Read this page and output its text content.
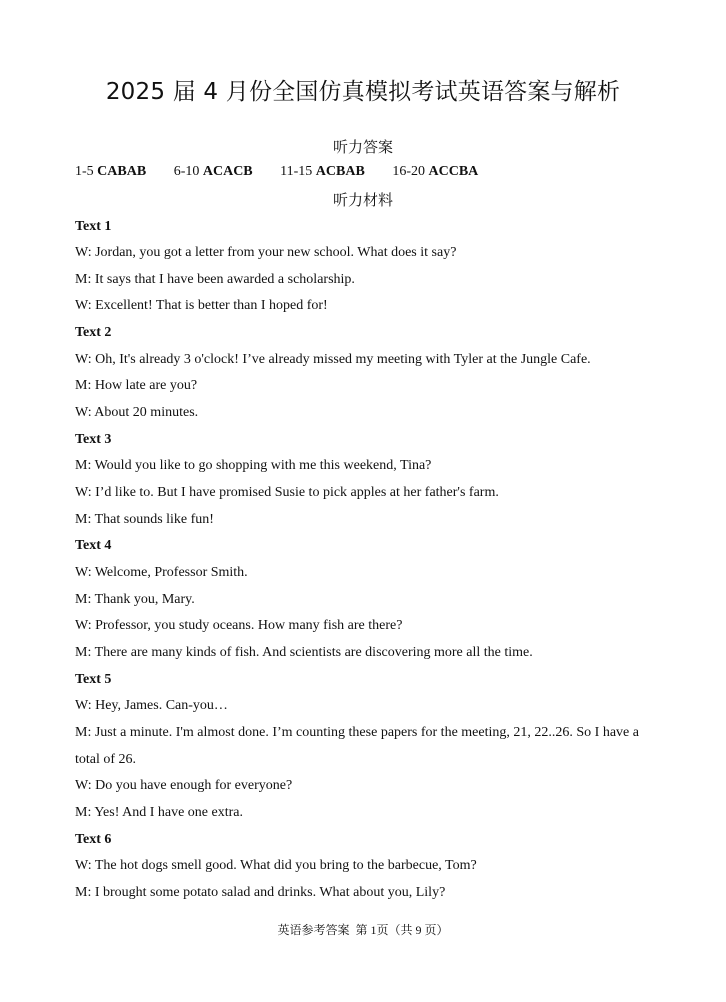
2025 届 4 月份全国仿真模拟考试英语答案与解析
听力答案
1-5 CABAB 6-10 ACACB 11-15 ACBAB 16-20 ACCBA
听力材料
Text 1
W: Jordan, you got a letter from your new school. What does it say?
M: It says that I have been awarded a scholarship.
W: Excellent! That is better than I hoped for!
Text 2
W: Oh, It's already 3 o'clock! I’ve already missed my meeting with Tyler at the Jungle Cafe.
M: How late are you?
W: About 20 minutes.
Text 3
M: Would you like to go shopping with me this weekend, Tina?
W: I’d like to. But I have promised Susie to pick apples at her father's farm.
M: That sounds like fun!
Text 4
W: Welcome, Professor Smith.
M: Thank you, Mary.
W: Professor, you study oceans. How many fish are there?
M: There are many kinds of fish. And scientists are discovering more all the time.
Text 5
W: Hey, James. Can-you…
M: Just a minute. I'm almost done. I’m counting these papers for the meeting, 21, 22..26. So I have a
total of 26.
W: Do you have enough for everyone?
M: Yes! And I have one extra.
Text 6
W: The hot dogs smell good. What did you bring to the barbecue, Tom?
M: I brought some potato salad and drinks. What about you, Lily?
英语参考答案 第 1页（共 9 页）
